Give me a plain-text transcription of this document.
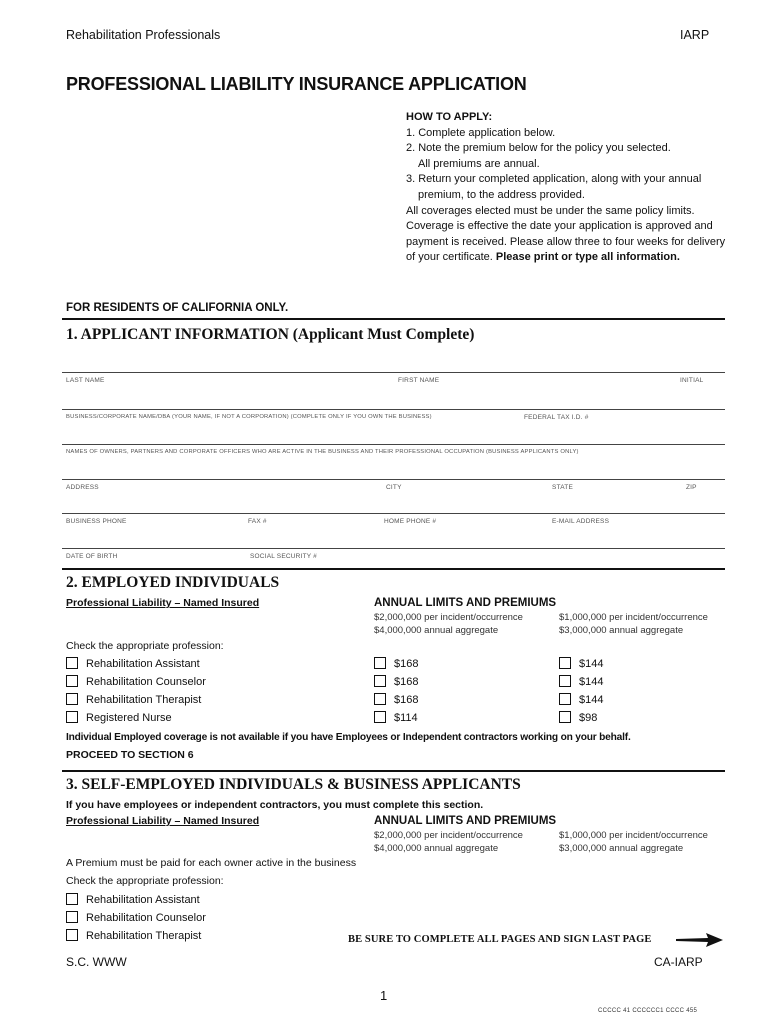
Rehabilitation Professionals	IARP
PROFESSIONAL LIABILITY INSURANCE APPLICATION
HOW TO APPLY:
1. Complete application below.
2. Note the premium below for the policy you selected.
All premiums are annual.
3. Return your completed application, along with your annual
premium, to the address provided.
All coverages elected must be under the same policy limits.
Coverage is effective the date your application is approved and
payment is received. Please allow three to four weeks for delivery
of your certificate. Please print or type all information.
FOR RESIDENTS OF CALIFORNIA ONLY.
1. APPLICANT INFORMATION (Applicant Must Complete)
LAST NAME	FIRST NAME	INITIAL
BUSINESS/CORPORATE NAME/DBA (YOUR NAME, IF NOT A CORPORATION) (COMPLETE ONLY IF YOU OWN THE BUSINESS)	FEDERAL TAX I.D. #
NAMES OF OWNERS, PARTNERS AND CORPORATE OFFICERS WHO ARE ACTIVE IN THE BUSINESS AND THEIR PROFESSIONAL OCCUPATION (BUSINESS APPLICANTS ONLY)
ADDRESS	CITY	STATE	ZIP
BUSINESS PHONE	FAX #	HOME PHONE #	E-MAIL ADDRESS
DATE OF BIRTH	SOCIAL SECURITY #
2. EMPLOYED INDIVIDUALS
Professional Liability – Named Insured	ANNUAL LIMITS AND PREMIUMS
$2,000,000 per incident/occurrence
$4,000,000 annual aggregate
$1,000,000 per incident/occurrence
$3,000,000 annual aggregate
Check the appropriate profession:
Rehabilitation Assistant	$168	$144
Rehabilitation Counselor	$168	$144
Rehabilitation Therapist	$168	$144
Registered Nurse	$114	$98
Individual Employed coverage is not available if you have Employees or Independent contractors working on your behalf.
PROCEED TO SECTION 6
3. SELF-EMPLOYED INDIVIDUALS & BUSINESS APPLICANTS
If you have employees or independent contractors, you must complete this section.
Professional Liability – Named Insured	ANNUAL LIMITS AND PREMIUMS
$2,000,000 per incident/occurrence
$4,000,000 annual aggregate
$1,000,000 per incident/occurrence
$3,000,000 annual aggregate
A Premium must be paid for each owner active in the business
Check the appropriate profession:
Rehabilitation Assistant
Rehabilitation Counselor
Rehabilitation Therapist	BE SURE TO COMPLETE ALL PAGES AND SIGN LAST PAGE
S.C. WWW	CA-IARP
1
CCCCC 41 CCCCCC1 CCCC 455
